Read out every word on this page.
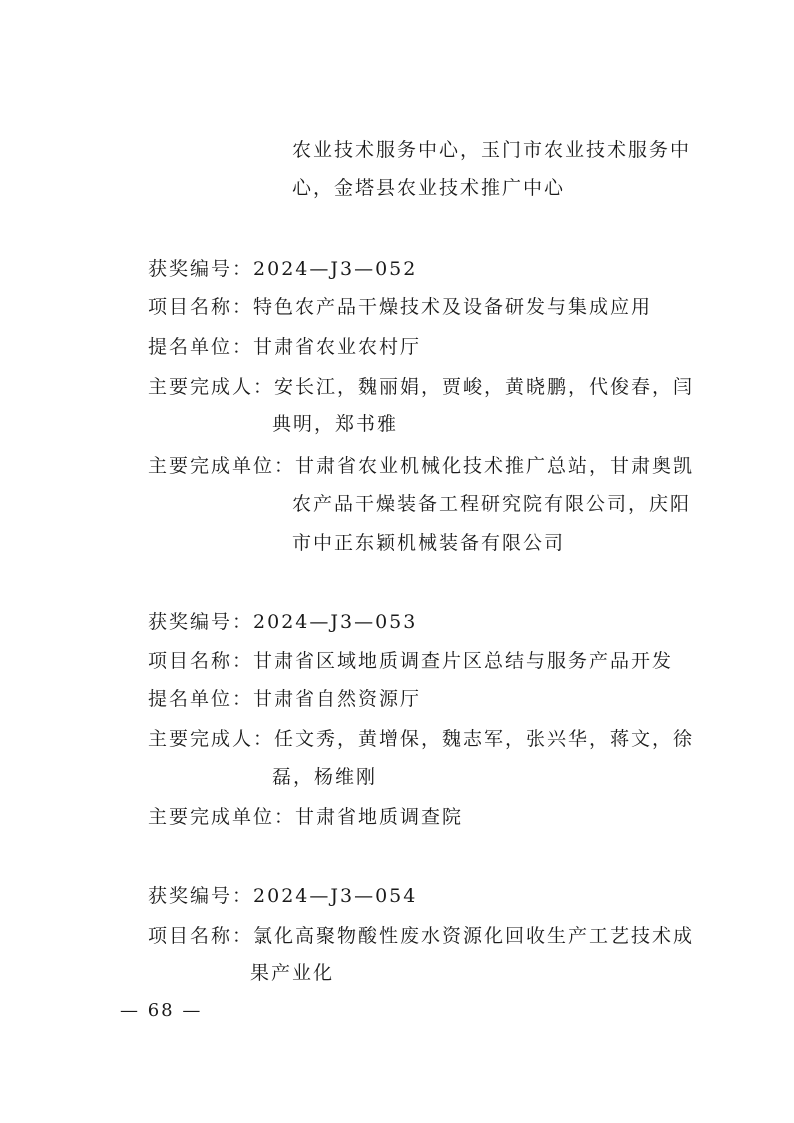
农业技术服务中心，玉门市农业技术服务中
心，金塔县农业技术推广中心
获奖编号：2024—J3—052
项目名称：特色农产品干燥技术及设备研发与集成应用
提名单位：甘肃省农业农村厅
主要完成人：安长江，魏丽娟，贾峻，黄晓鹏，代俊春，闫
典明，郑书雅
主要完成单位：甘肃省农业机械化技术推广总站，甘肃奥凯
农产品干燥装备工程研究院有限公司，庆阳
市中正东颖机械装备有限公司
获奖编号：2024—J3—053
项目名称：甘肃省区域地质调查片区总结与服务产品开发
提名单位：甘肃省自然资源厅
主要完成人：任文秀，黄增保，魏志军，张兴华，蒋文，徐
磊，杨维刚
主要完成单位：甘肃省地质调查院
获奖编号：2024—J3—054
项目名称：氯化高聚物酸性废水资源化回收生产工艺技术成
果产业化
— 68 —
